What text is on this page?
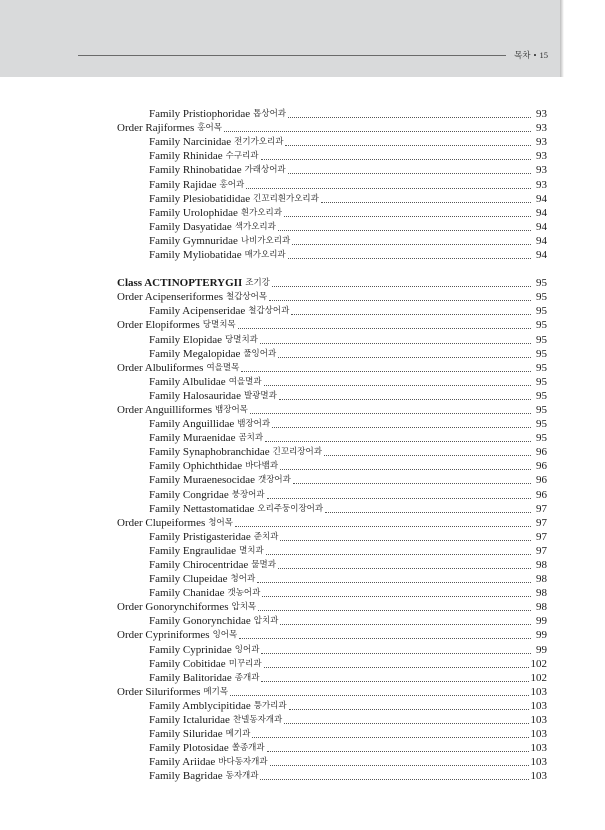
목차 • 15
Family Pristiophoridae 톱상어과	93
Order Rajiformes 홍어목	93
Family Narcinidae 전기가오리과	93
Family Rhinidae 수구리과	93
Family Rhinobatidae 가래상어과	93
Family Rajidae 홍어과	93
Family Plesiobatididae 긴꼬리흰가오리과	94
Family Urolophidae 흰가오리과	94
Family Dasyatidae 색가오리과	94
Family Gymnuridae 나비가오리과	94
Family Myliobatidae 매가오리과	94
Class ACTINOPTERYGII 조기강	95
Order Acipenseriformes 철갑상어목	95
Family Acipenseridae 철갑상어과	95
Order Elopiformes 당멸치목	95
Family Elopidae 당멸치과	95
Family Megalopidae 풀잉어과	95
Order Albuliformes 여을멸목	95
Family Albulidae 여을멸과	95
Family Halosauridae 발광멸과	95
Order Anguilliformes 뱀장어목	95
Family Anguillidae 뱀장어과	95
Family Muraenidae 곰치과	95
Family Synaphobranchidae 긴꼬리장어과	96
Family Ophichthidae 바다뱀과	96
Family Muraenesocidae 갯장어과	96
Family Congridae 붕장어과	96
Family Nettastomatidae 오리주둥이장어과	97
Order Clupeiformes 청어목	97
Family Pristigasteridae 준치과	97
Family Engraulidae 멸치과	97
Family Chirocentridae 물멸과	98
Family Clupeidae 청어과	98
Family Chanidae 갯농어과	98
Order Gonorynchiformes 압치목	98
Family Gonorynchidae 압치과	99
Order Cypriniformes 잉어목	99
Family Cyprinidae 잉어과	99
Family Cobitidae 미꾸리과	102
Family Balitoridae 종개과	102
Order Siluriformes 메기목	103
Family Amblycipitidae 퉁가리과	103
Family Ictaluridae 찬넬동자개과	103
Family Siluridae 메기과	103
Family Plotosidae 쏠종개과	103
Family Ariidae 바다동자개과	103
Family Bagridae 동자개과	103
